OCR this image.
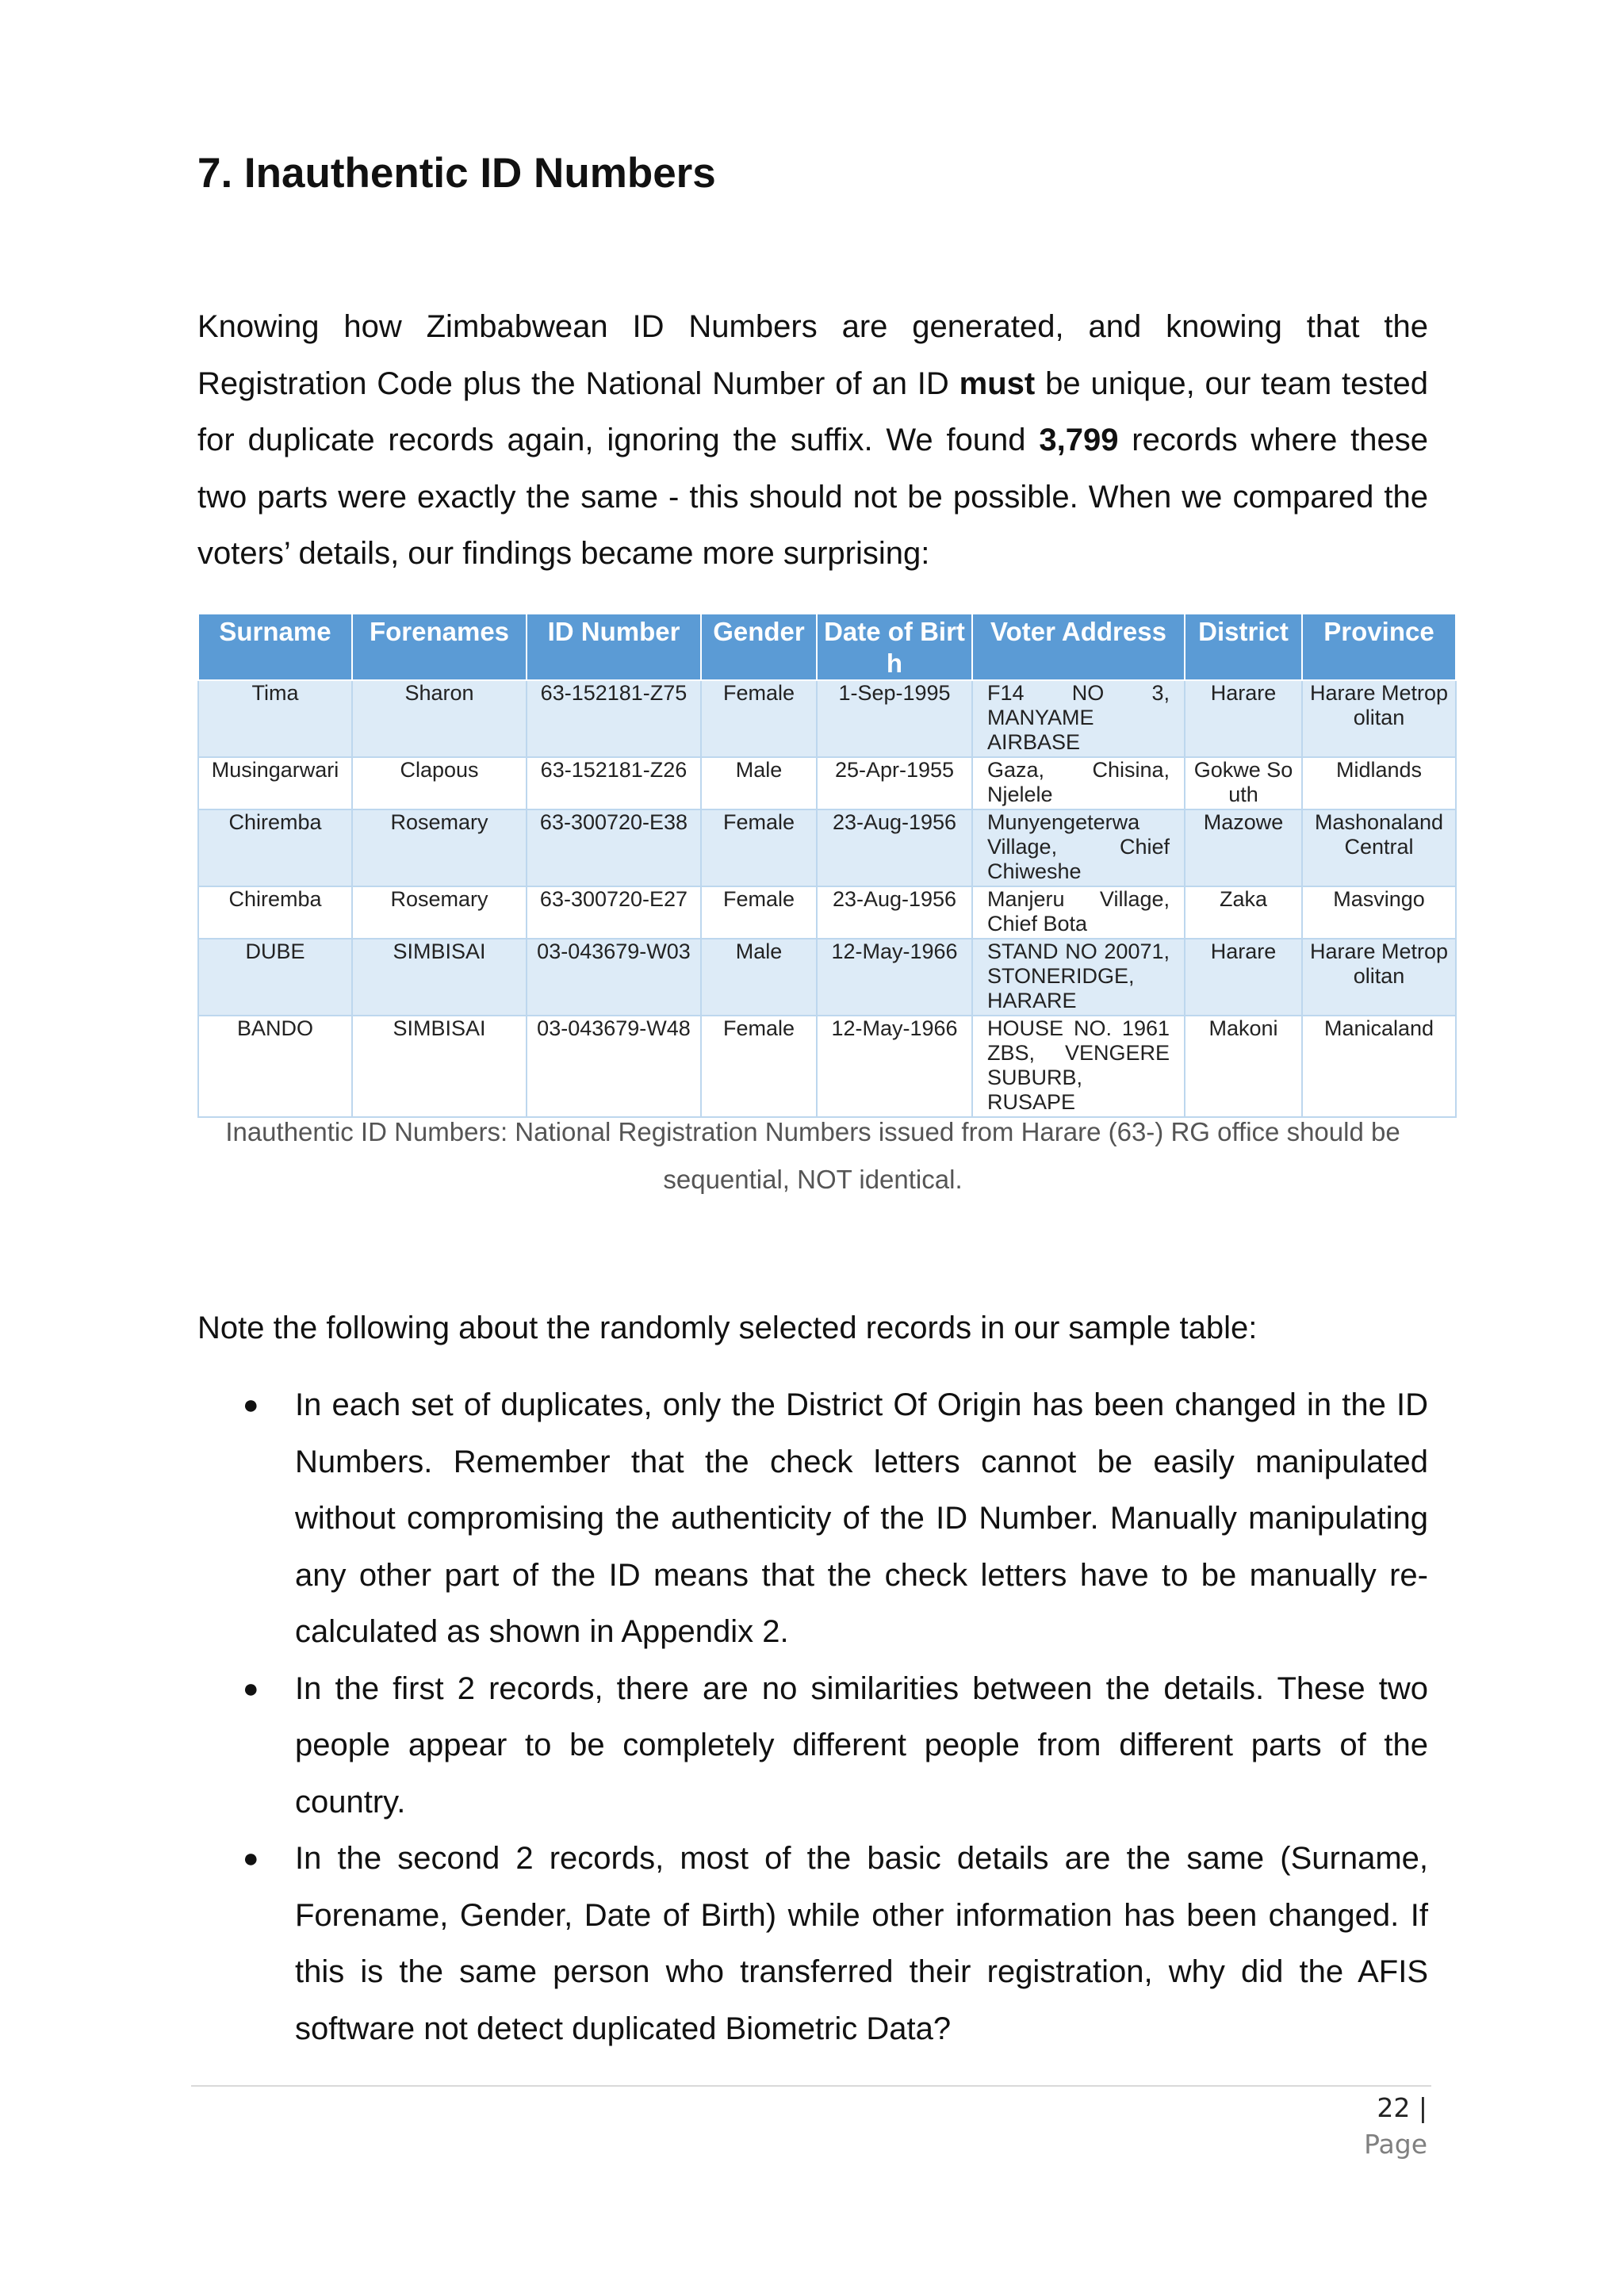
7. Inauthentic ID Numbers

Knowing how Zimbabwean ID Numbers are generated, and knowing that the Registration Code plus the National Number of an ID must be unique, our team tested for duplicate records again, ignoring the suffix. We found 3,799 records where these two parts were exactly the same - this should not be possible. When we compared the voters’ details, our findings became more surprising:

Surname	Forenames	ID Number	Gender	Date of Birth	Voter Address	District	Province
Tima	Sharon	63-152181-Z75	Female	1-Sep-1995	F14 NO 3, MANYAME AIRBASE	Harare	Harare Metropolitan
Musingarwari	Clapous	63-152181-Z26	Male	25-Apr-1955	Gaza, Chisina, Njelele	Gokwe South	Midlands
Chiremba	Rosemary	63-300720-E38	Female	23-Aug-1956	Munyengeterwa Village, Chief Chiweshe	Mazowe	Mashonaland Central
Chiremba	Rosemary	63-300720-E27	Female	23-Aug-1956	Manjeru Village, Chief Bota	Zaka	Masvingo
DUBE	SIMBISAI	03-043679-W03	Male	12-May-1966	STAND NO 20071, STONERIDGE, HARARE	Harare	Harare Metropolitan
BANDO	SIMBISAI	03-043679-W48	Female	12-May-1966	HOUSE NO. 1961 ZBS, VENGERE SUBURB, RUSAPE	Makoni	Manicaland
Inauthentic ID Numbers: National Registration Numbers issued from Harare (63-) RG office should be sequential, NOT identical.

Note the following about the randomly selected records in our sample table:

● In each set of duplicates, only the District Of Origin has been changed in the ID Numbers. Remember that the check letters cannot be easily manipulated without compromising the authenticity of the ID Number. Manually manipulating any other part of the ID means that the check letters have to be manually re-calculated as shown in Appendix 2.
● In the first 2 records, there are no similarities between the details. These two people appear to be completely different people from different parts of the country.
● In the second 2 records, most of the basic details are the same (Surname, Forename, Gender, Date of Birth) while other information has been changed. If this is the same person who transferred their registration, why did the AFIS software not detect duplicated Biometric Data?
22 |
Page
